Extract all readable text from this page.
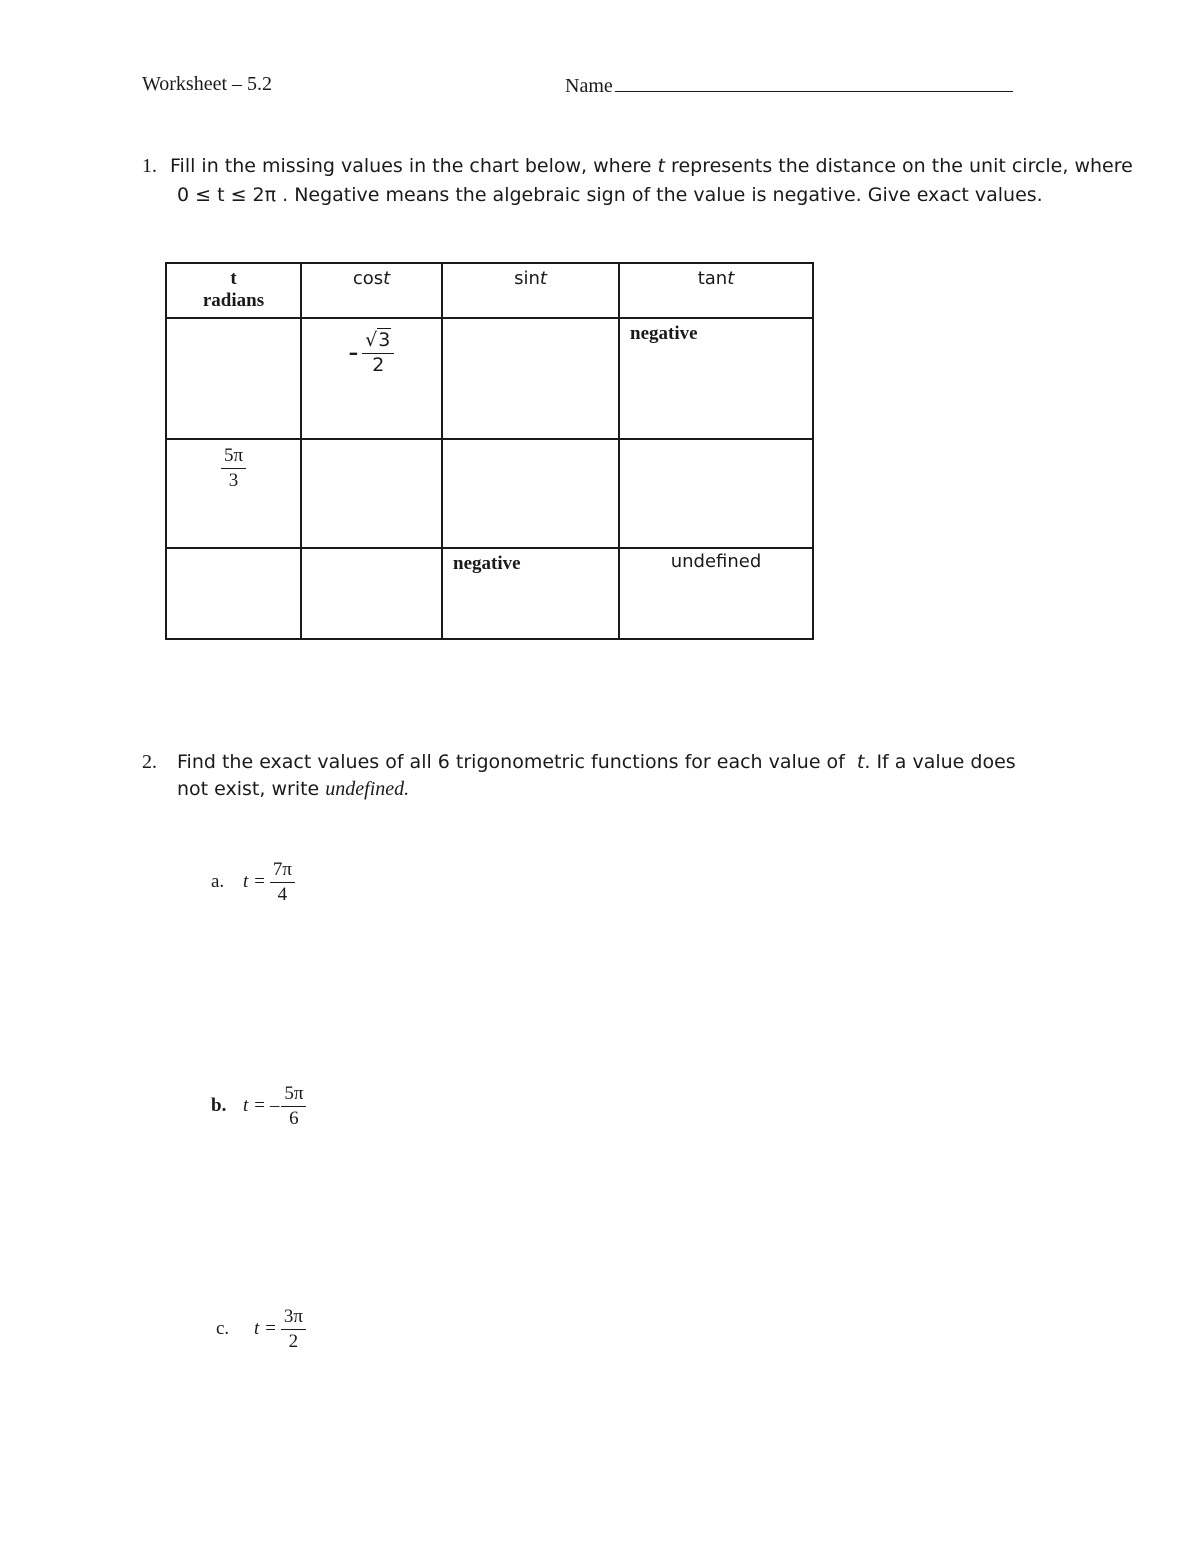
Worksheet – 5.2	Name
1. Fill in the missing values in the chart below, where t represents the distance on the unit circle, where
0 ≤ t ≤ 2π . Negative means the algebraic sign of the value is negative. Give exact values.
t
radians	cost	sint	tant
	– $\frac{√3}{2}$		negative

$\frac{5\pi}{3}$

		negative	undefined
2. Find the exact values of all 6 trigonometric functions for each value of t. If a value does
not exist, write undefined.
a. $t = \frac{7\pi}{4}$
b. t = – $\frac{5\pi}{6}$
c.	$t = \frac{3\pi}{2}$
